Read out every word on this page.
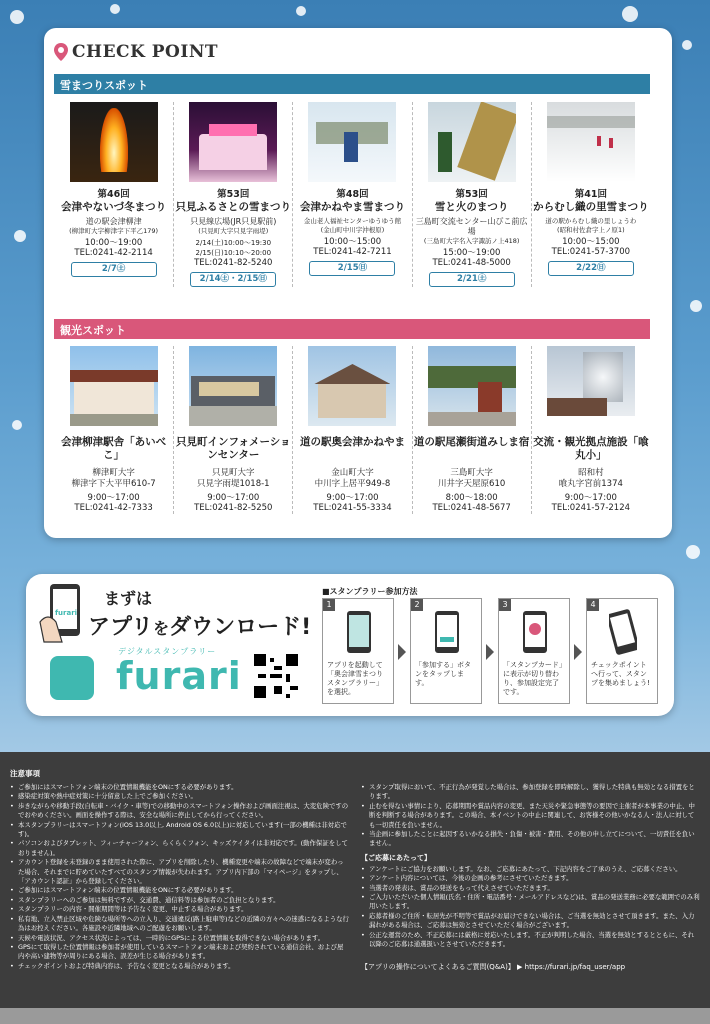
CHECK POINT
雪まつりスポット
第46回
会津やないづ冬まつり
道の駅会津柳津
(柳津町大字柳津字下平乙179)
10:00～19:00
TEL:0241-42-2114
2/7㊏
第53回
只見ふるさとの雪まつり
只見線広場(JR只見駅前)
(只見町大字只見字雨堤)
2/14(土)10:00～19:30 2/15(日)10:10～20:00
TEL:0241-82-5240
2/14㊏・2/15㊐
第48回
会津かねやま雪まつり
金山老人福祉センターゆうゆう館
(金山町中川字沖根原)
10:00～15:00
TEL:0241-42-7211
2/15㊐
第53回
雪と火のまつり
三島町交流センター山びこ前広場
(三島町大字名入字諏訪ノ上418)
15:00～19:00
TEL:0241-48-5000
2/21㊏
第41回
からむし織の里雪まつり
道の駅からむし織の里しょうわ
(昭和村佐倉字上ノ原1)
10:00～15:00
TEL:0241-57-3700
2/22㊐
観光スポット
会津柳津駅舎「あいべこ」
柳津町大字
柳津字下大平甲610-7
9:00～17:00
TEL:0241-42-7333
只見町インフォメーションセンター
只見町大字
只見字雨堤1018-1
9:00～17:00
TEL:0241-82-5250
道の駅奥会津かねやま
金山町大字
中川字上居平949-8
9:00～17:00
TEL:0241-55-3334
道の駅尾瀬街道みしま宿
三島町大字
川井字天屋原610
8:00～18:00
TEL:0241-48-5677
交流・観光拠点施設「喰丸小」
昭和村
喰丸字宮前1374
9:00～17:00
TEL:0241-57-2124
furari
まずは
アプリをダウンロード!
デジタルスタンプラリー
furari
■スタンプラリー参加方法
1
アプリを起動して「奥会津雪まつりスタンプラリー」を選択。
2
「参加する」ボタンをタップします。
3
「スタンプカード」に表示が切り替わり、参加設定完了です。
4
チェックポイントへ行って、スタンプを集めましょう!
注意事項
• ご参加にはスマートフォン端末の位置情報機能をONにする必要があります。
• 感染症対策や熱中症対策に十分留意した上でご参加ください。
• 歩きながらや移動手段(自転車・バイク・車等)での移動中のスマートフォン操作および画面注視は、大変危険ですのでおやめください。画面を操作する際は、安全な場所に停止してから行ってください。
• 本スタンプラリーはスマートフォン(iOS 13.0以上, Android OS 6.0以上)に対応しています(一部の機種は非対応です)。
• パソコンおよびタブレット、フィーチャーフォン、らくらくフォン、キッズケイタイは非対応です。(動作保証をしておりません)。
• アカウント登録を未登録のまま使用された際に、アプリを削除したり、機種変更や端末の故障などで端末が変わった場合、それまでに貯めていたすべてのスタンプ情報が失われます。アプリ内下部の「マイページ」をタップし、「アカウント認証」から登録してください。
• ご参加にはスマートフォン端末の位置情報機能をONにする必要があります。
• スタンプラリーへのご参加は無料ですが、交通費、通信料等は参加者のご負担となります。
• スタンプラリーの内容・開催期間等は予告なく変更、中止する場合があります。
• 私有地、立入禁止区域や危険な場所等への立入り、交通違反(路上駐車等)などの近隣の方々への迷惑になるような行為はお控えください。各施設や近隣地域へのご配慮をお願いします。
• 天候や電波状況、アクセス状況によっては、一時的にGPSによる位置情報を取得できない場合があります。
• GPSにて取得した位置情報は参加者が使用しているスマートフォン端末および契約されている通信会社、および屋内や高い建物等が周りにある場合、誤差が生じる場合があります。
• チェックポイントおよび特典内容は、予告なく変更となる場合があります。
• スタンプ取得において、不正行為が発覚した場合は、参加登録を即時解除し、獲得した特典も無効となる措置をとります。
• 止むを得ない事情により、応募期間や賞品内容の変更、また天災や緊急事態等の要因で主催者が本事業の中止、中断を判断する場合があります。この場合、本イベントの中止に関連して、お客様その他いかなる人・法人に対しても一切責任を負いません。
• 当企画に参加したことに起因するいかなる損失・負傷・被害・費用、その他の申し立てについて、一切責任を負いません。
【ご応募にあたって】
• アンケートにご協力をお願いします。なお、ご応募にあたって、下記内容をご了承のうえ、ご応募ください。
• アンケート内容については、今後の企画の参考にさせていただきます。
• 当選者の発表は、賞品の発送をもって代えさせていただきます。
• ご入力いただいた個人情報(氏名・住所・電話番号・メールアドレスなど)は、賞品の発送業務に必要な範囲でのみ利用いたします。
• 応募者様のご住所・転居先が不明等で賞品がお届けできない場合は、ご当選を無効とさせて頂きます。また、入力漏れがある場合は、ご応募は無効とさせていただく場合がございます。
• 公正な運営のため、不正応募には厳格に対応いたします。不正が判明した場合、当選を無効とするとともに、それ以降のご応募は通選扱いとさせていただきます。
【アプリの操作についてよくあるご質問(Q&A)】 ▶ https://furari.jp/faq_user/app
